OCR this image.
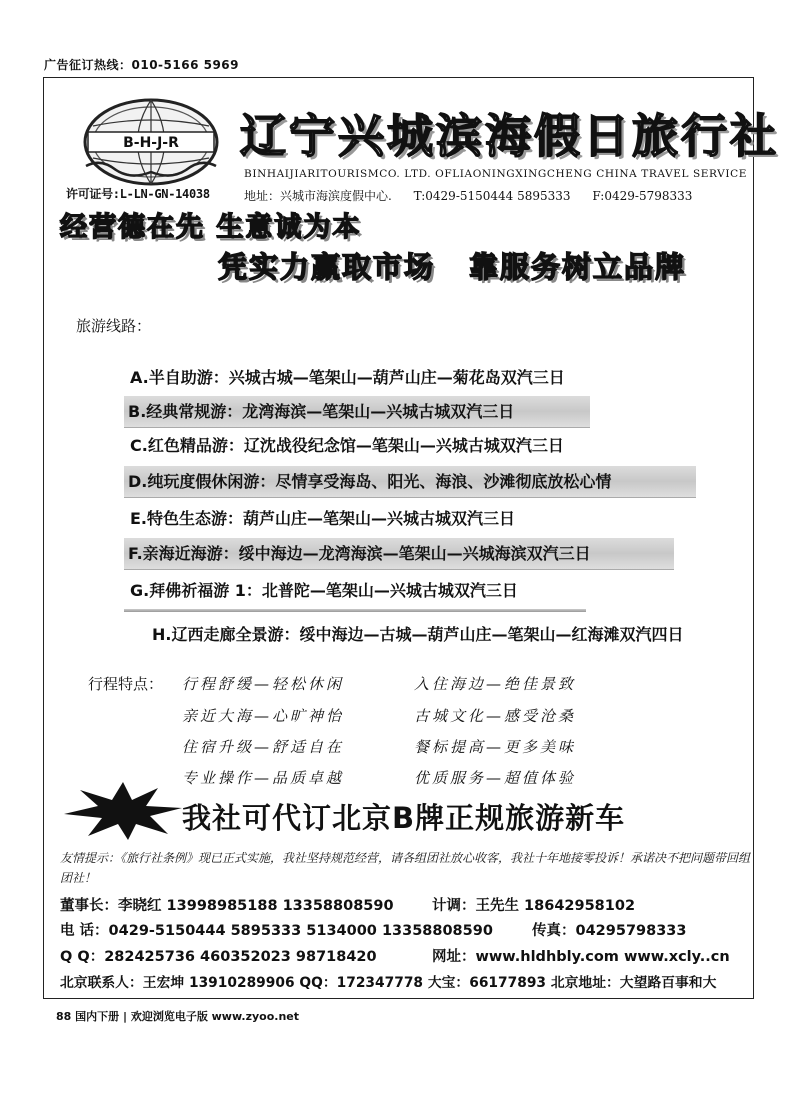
广告征订热线：010-5166 5969
B-H-J-R
许可证号:L-LN-GN-14038
辽宁兴城滨海假日旅行社
BINHAIJIARITOURISMCO. LTD. OFLIAONINGXINGCHENG CHINA TRAVEL SERVICE
地址：兴城市海滨度假中心. T:0429-5150444 5895333 F:0429-5798333
经营德在先 生意诚为本
凭实力赢取市场 靠服务树立品牌
旅游线路：
A.半自助游：兴城古城—笔架山—葫芦山庄—菊花岛双汽三日
B.经典常规游：龙湾海滨—笔架山—兴城古城双汽三日
C.红色精品游：辽沈战役纪念馆—笔架山—兴城古城双汽三日
D.纯玩度假休闲游：尽情享受海岛、阳光、海浪、沙滩彻底放松心情
E.特色生态游：葫芦山庄—笔架山—兴城古城双汽三日
F.亲海近海游：绥中海边—龙湾海滨—笔架山—兴城海滨双汽三日
G.拜佛祈福游 1：北普陀—笔架山—兴城古城双汽三日
H.辽西走廊全景游：绥中海边—古城—葫芦山庄—笔架山—红海滩双汽四日
行程特点： 行程舒缓—轻松休闲	入住海边—绝佳景致
亲近大海—心旷神怡	古城文化—感受沧桑
住宿升级—舒适自在	餐标提高—更多美味
专业操作—品质卓越	优质服务—超值体验
我社可代订北京B牌正规旅游新车
友情提示：《旅行社条例》现已正式实施，我社坚持规范经营，请各组团社放心收客，我社十年地接零投诉！承诺决不把问题带回组团社！
董事长：李晓红 13998985188 13358808590	计调：王先生 18642958102
电 话：0429-5150444 5895333 5134000 13358808590	传真：04295798333
Q Q：282425736 460352023 98718420	网址：www.hldhbly.com www.xcly..cn
北京联系人：王宏坤 13910289906 QQ：172347778 大宝：66177893 北京地址：大望路百事和大
88 国内下册 | 欢迎浏览电子版 www.zyoo.net
